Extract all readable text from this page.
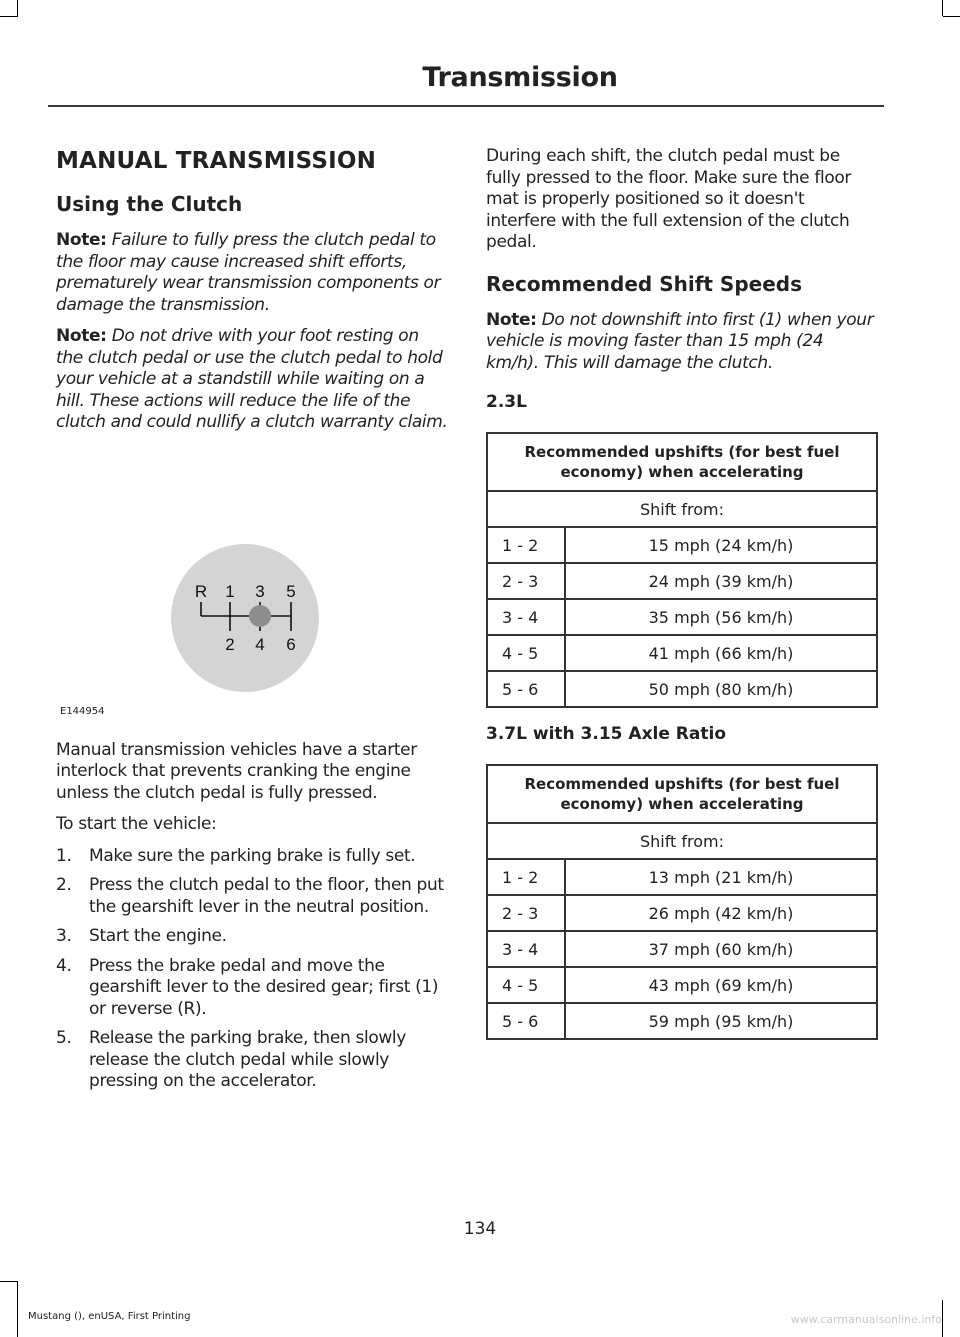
Transmission
MANUAL TRANSMISSION
Using the Clutch

Note: Failure to fully press the clutch pedal to the floor may cause increased shift efforts, prematurely wear transmission components or damage the transmission.

Note: Do not drive with your foot resting on the clutch pedal or use the clutch pedal to hold your vehicle at a standstill while waiting on a hill. These actions will reduce the life of the clutch and could nullify a clutch warranty claim.

R 1 3 5
2 4 6
E144954

Manual transmission vehicles have a starter interlock that prevents cranking the engine unless the clutch pedal is fully pressed.

To start the vehicle:

1.	Make sure the parking brake is fully set.
2.	Press the clutch pedal to the floor, then put the gearshift lever in the neutral position.
3.	Start the engine.
4.	Press the brake pedal and move the gearshift lever to the desired gear; first (1) or reverse (R).
5.	Release the parking brake, then slowly release the clutch pedal while slowly pressing on the accelerator.

During each shift, the clutch pedal must be fully pressed to the floor. Make sure the floor mat is properly positioned so it doesn't interfere with the full extension of the clutch pedal.

Recommended Shift Speeds

Note: Do not downshift into first (1) when your vehicle is moving faster than 15 mph (24 km/h). This will damage the clutch.

2.3L
Recommended upshifts (for best fuel economy) when accelerating	
Shift from:	
1 - 2	15 mph (24 km/h)
2 - 3	24 mph (39 km/h)
3 - 4	35 mph (56 km/h)
4 - 5	41 mph (66 km/h)
5 - 6	50 mph (80 km/h)
3.7L with 3.15 Axle Ratio
Recommended upshifts (for best fuel economy) when accelerating	
Shift from:	
1 - 2	13 mph (21 km/h)
2 - 3	26 mph (42 km/h)
3 - 4	37 mph (60 km/h)
4 - 5	43 mph (69 km/h)
5 - 6	59 mph (95 km/h)
134
Mustang (), enUSA, First Printing	www.carmanualsonline.info
